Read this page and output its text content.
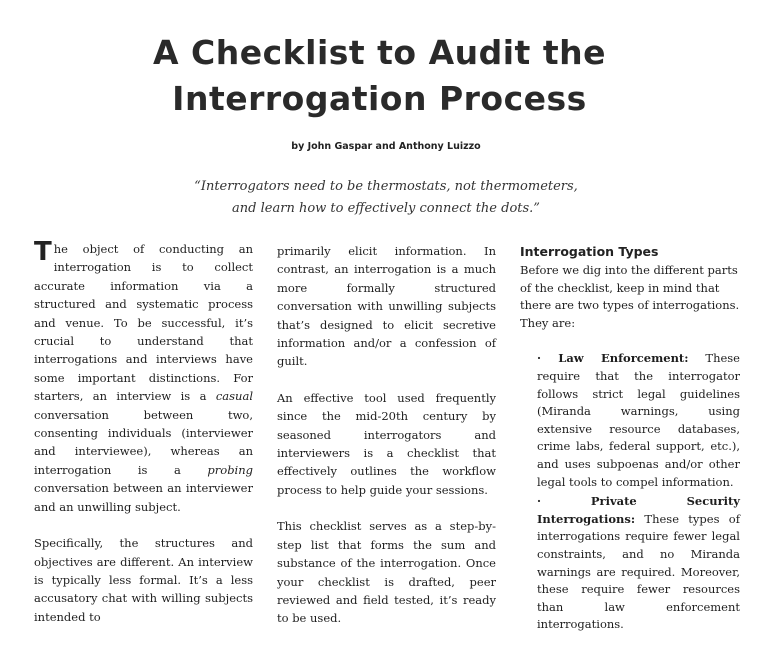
A Checklist to Audit the
Interrogation Process
by John Gaspar and Anthony Luizzo
“Interrogators need to be thermostats, not thermometers,
and learn how to effectively connect the dots.”

The object of conducting an interrogation is to collect accurate information via a structured and systematic process and venue. To be successful, it’s crucial to understand that interrogations and interviews have some important distinctions. For starters, an interview is a casual conversation between two, consenting individuals (interviewer and interviewee), whereas an interrogation is a probing conversation between an interviewer and an unwilling subject.

Specifically, the structures and objectives are different. An interview is typically less formal. It’s a less accusatory chat with willing subjects intended to

primarily elicit information. In contrast, an interrogation is a much more formally structured conversation with unwilling subjects that’s designed to elicit secretive information and/or a confession of guilt.

An effective tool used frequently since the mid-20th century by seasoned interrogators and interviewers is a checklist that effectively outlines the workflow process to help guide your sessions.

This checklist serves as a step-by-step list that forms the sum and substance of the interrogation. Once your checklist is drafted, peer reviewed and field tested, it’s ready to be used.

Interrogation Types
Before we dig into the different parts of the checklist, keep in mind that there are two types of interrogations. They are:
· Law Enforcement: These require that the interrogator follows strict legal guidelines (Miranda warnings, using extensive resource databases, crime labs, federal support, etc.), and uses subpoenas and/or other legal tools to compel information.
· Private Security Interrogations: These types of interrogations require fewer legal constraints, and no Miranda warnings are required. Moreover, these require fewer resources than law enforcement interrogations.
